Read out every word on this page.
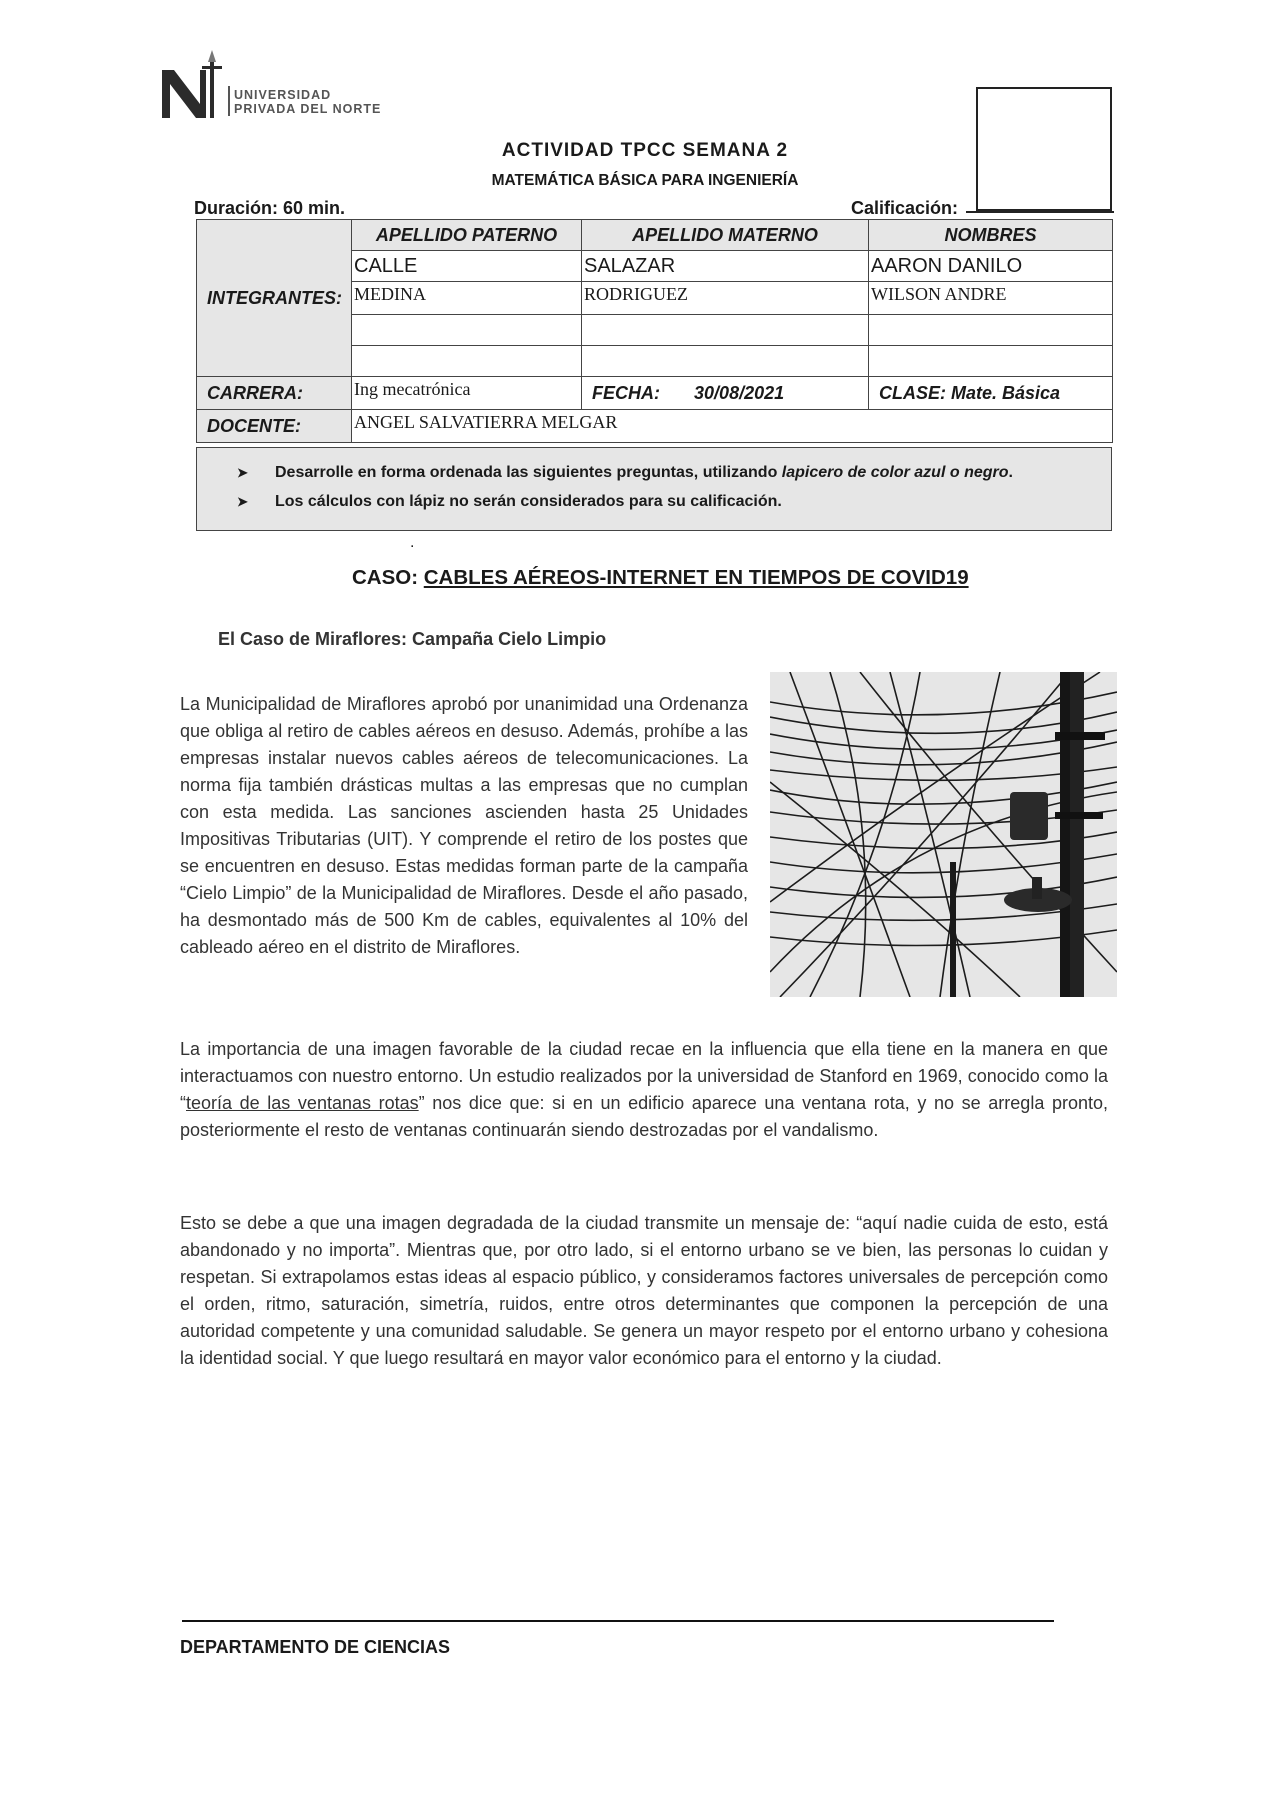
UNIVERSIDAD
PRIVADA DEL NORTE
ACTIVIDAD TPCC SEMANA 2
MATEMÁTICA BÁSICA PARA INGENIERÍA
Duración: 60 min.	Calificación:
INTEGRANTES:	APELLIDO PATERNO	APELLIDO MATERNO	NOMBRES
	CALLE	SALAZAR	AARON DANILO
	MEDINA	RODRIGUEZ	WILSON ANDRE

CARRERA:	Ing mecatrónica	FECHA: 30/08/2021	CLASE: Mate. Básica
DOCENTE:	ANGEL SALVATIERRA MELGAR		
➤ Desarrolle en forma ordenada las siguientes preguntas, utilizando lapicero de color azul o negro.
➤ Los cálculos con lápiz no serán considerados para su calificación.
.
CASO: CABLES AÉREOS-INTERNET EN TIEMPOS DE COVID19
El Caso de Miraflores: Campaña Cielo Limpio
La Municipalidad de Miraflores aprobó por unanimidad una Ordenanza que obliga al retiro de cables aéreos en desuso. Además, prohíbe a las empresas instalar nuevos cables aéreos de telecomunicaciones. La norma fija también drásticas multas a las empresas que no cumplan con esta medida. Las sanciones ascienden hasta 25 Unidades Impositivas Tributarias (UIT). Y comprende el retiro de los postes que se encuentren en desuso. Estas medidas forman parte de la campaña “Cielo Limpio” de la Municipalidad de Miraflores. Desde el año pasado, ha desmontado más de 500 Km de cables, equivalentes al 10% del cableado aéreo en el distrito de Miraflores.
La importancia de una imagen favorable de la ciudad recae en la influencia que ella tiene en la manera en que interactuamos con nuestro entorno. Un estudio realizados por la universidad de Stanford en 1969, conocido como la “teoría de las ventanas rotas” nos dice que: si en un edificio aparece una ventana rota, y no se arregla pronto, posteriormente el resto de ventanas continuarán siendo destrozadas por el vandalismo.
Esto se debe a que una imagen degradada de la ciudad transmite un mensaje de: “aquí nadie cuida de esto, está abandonado y no importa”. Mientras que, por otro lado, si el entorno urbano se ve bien, las personas lo cuidan y respetan. Si extrapolamos estas ideas al espacio público, y consideramos factores universales de percepción como el orden, ritmo, saturación, simetría, ruidos, entre otros determinantes que componen la percepción de una autoridad competente y una comunidad saludable. Se genera un mayor respeto por el entorno urbano y cohesiona la identidad social. Y que luego resultará en mayor valor económico para el entorno y la ciudad.
DEPARTAMENTO DE CIENCIAS
